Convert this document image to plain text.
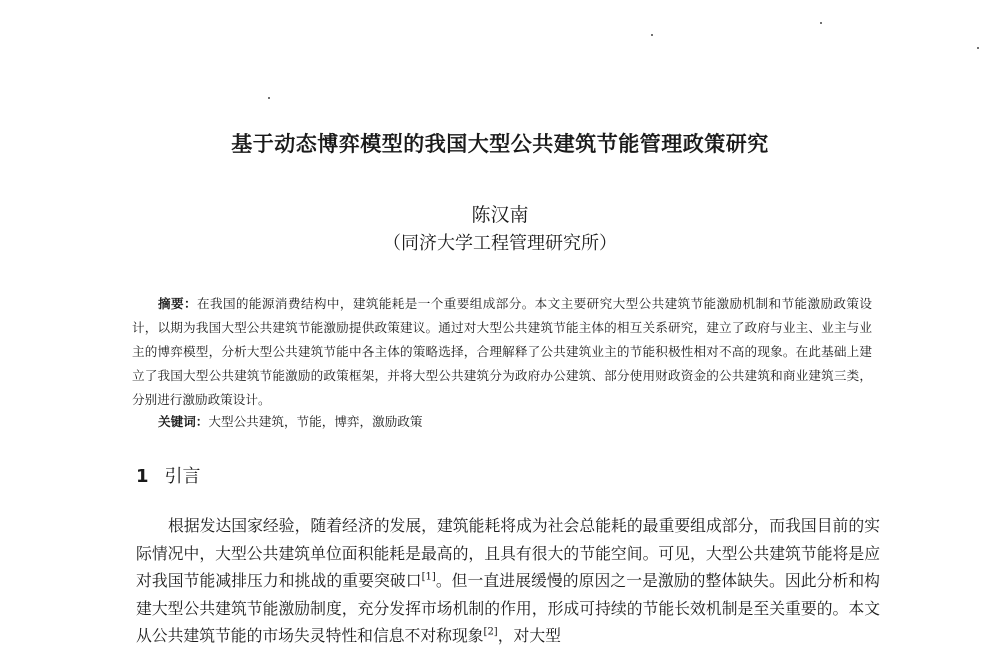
基于动态博弈模型的我国大型公共建筑节能管理政策研究
陈汉南
（同济大学工程管理研究所）
摘要：在我国的能源消费结构中，建筑能耗是一个重要组成部分。本文主要研究大型公共建筑节能激励机制和节能激励政策设计，以期为我国大型公共建筑节能激励提供政策建议。通过对大型公共建筑节能主体的相互关系研究，建立了政府与业主、业主与业主的博弈模型，分析大型公共建筑节能中各主体的策略选择，合理解释了公共建筑业主的节能积极性相对不高的现象。在此基础上建立了我国大型公共建筑节能激励的政策框架，并将大型公共建筑分为政府办公建筑、部分使用财政资金的公共建筑和商业建筑三类，分别进行激励政策设计。
关键词：大型公共建筑，节能，博弈，激励政策
1 引言
根据发达国家经验，随着经济的发展，建筑能耗将成为社会总能耗的最重要组成部分，而我国目前的实际情况中，大型公共建筑单位面积能耗是最高的，且具有很大的节能空间。可见，大型公共建筑节能将是应对我国节能减排压力和挑战的重要突破口[1]。但一直进展缓慢的原因之一是激励的整体缺失。因此分析和构建大型公共建筑节能激励制度，充分发挥市场机制的作用，形成可持续的节能长效机制是至关重要的。本文从公共建筑节能的市场失灵特性和信息不对称现象[2]，对大型
